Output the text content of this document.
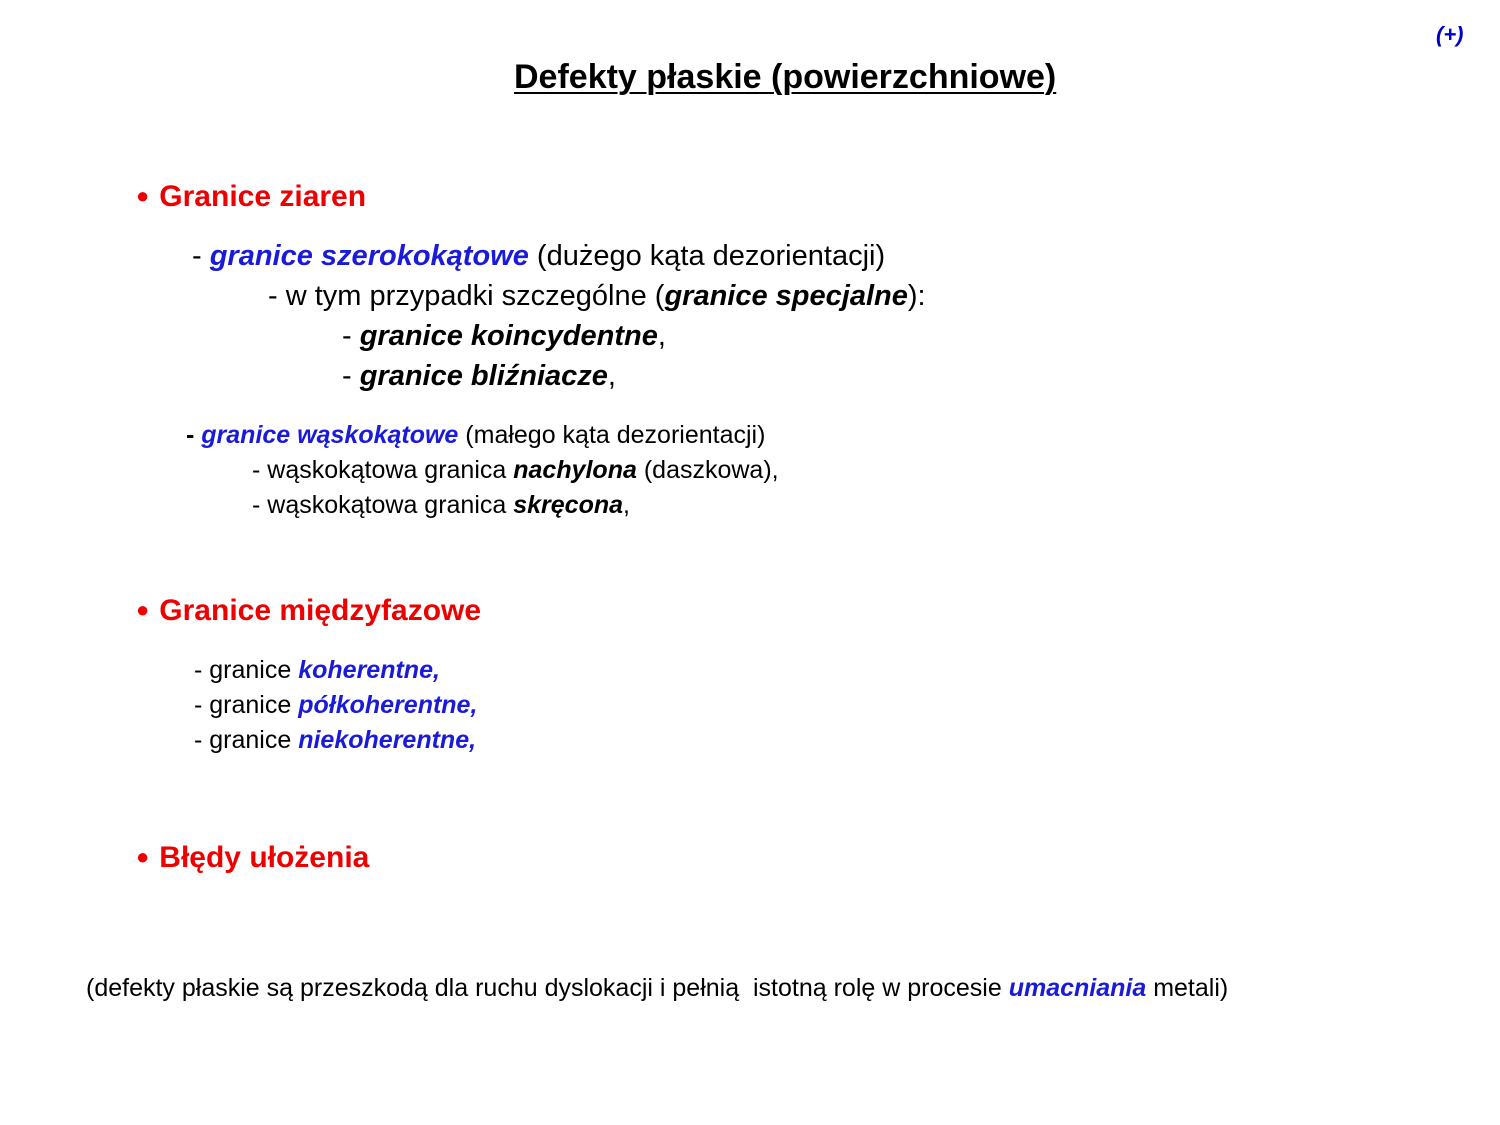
(+)
Defekty płaskie (powierzchniowe)
● Granice ziaren
- granice szerokokątowe (dużego kąta dezorientacji)
- w tym przypadki szczególne (granice specjalne):
- granice koincydentne,
- granice bliźniacze,
- granice wąskokątowe (małego kąta dezorientacji)
- wąskokątowa granica nachylona (daszkowa),
- wąskokątowa granica skręcona,
● Granice międzyfazowe
- granice koherentne,
- granice półkoherentne,
- granice niekoherentne,
● Błędy ułożenia
(defekty płaskie są przeszkodą dla ruchu dyslokacji i pełnią  istotną rolę w procesie umacniania metali)
